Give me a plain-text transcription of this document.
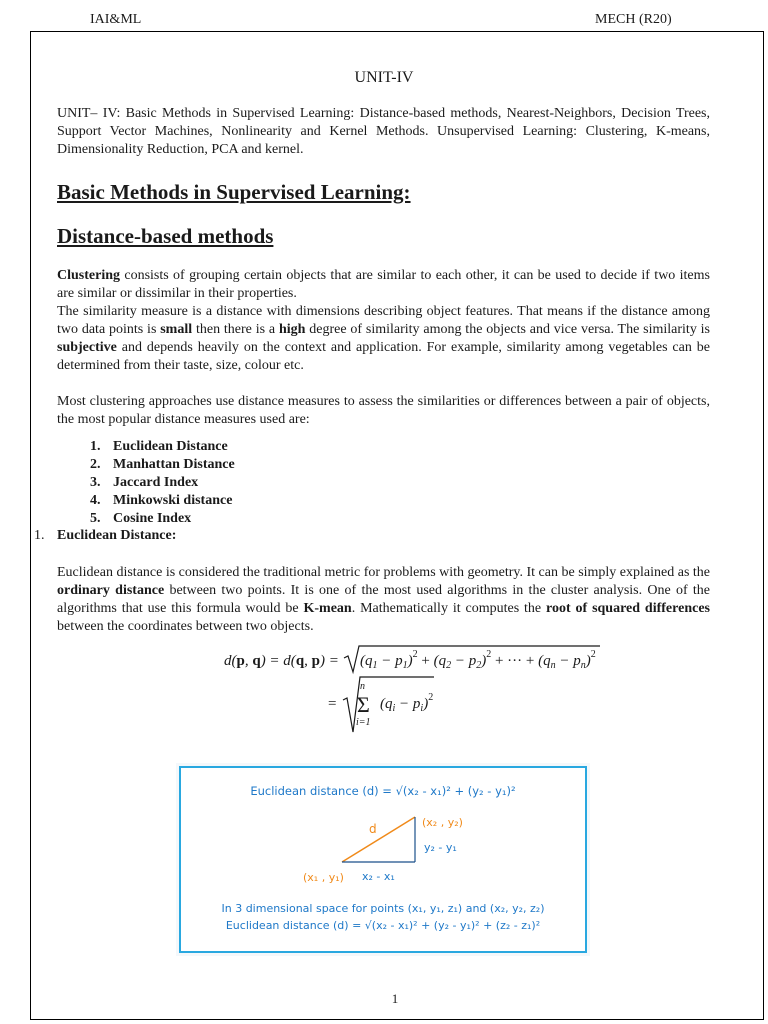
IAI&ML	MECH (R20)
UNIT-IV
UNIT– IV: Basic Methods in Supervised Learning: Distance-based methods, Nearest-Neighbors, Decision Trees, Support Vector Machines, Nonlinearity and Kernel Methods. Unsupervised Learning: Clustering, K-means, Dimensionality Reduction, PCA and kernel.
Basic Methods in Supervised Learning:
Distance-based methods
Clustering consists of grouping certain objects that are similar to each other, it can be used to decide if two items are similar or dissimilar in their properties.
The similarity measure is a distance with dimensions describing object features. That means if the distance among two data points is small then there is a high degree of similarity among the objects and vice versa. The similarity is subjective and depends heavily on the context and application. For example, similarity among vegetables can be determined from their taste, size, colour etc.
Most clustering approaches use distance measures to assess the similarities or differences between a pair of objects, the most popular distance measures used are:
1. Euclidean Distance
2. Manhattan Distance
3. Jaccard Index
4. Minkowski distance
5. Cosine Index
1. Euclidean Distance:
Euclidean distance is considered the traditional metric for problems with geometry. It can be simply explained as the ordinary distance between two points. It is one of the most used algorithms in the cluster analysis. One of the algorithms that use this formula would be K-mean. Mathematically it computes the root of squared differences between the coordinates between two objects.
d(p, q) = d(q, $p) = (q_1 - p_1)^2 + (q_2 - p_2)^2$ + ··· + $(q_n - p_n)^2$
=
n
Σ
i=1
$(q_i - p_i)^2$
Euclidean distance (d) = √(x₂ - x₁)² + (y₂ - y₁)²
d	(x₂ , y₂)
y₂ - y₁
(x₁ , y₁) x₂ - x₁
In 3 dimensional space for points (x₁, y₁, z₁) and (x₂, y₂, z₂)
Euclidean distance (d) = √(x₂ - x₁)² + (y₂ - y₁)² + (z₂ - z₁)²
1
